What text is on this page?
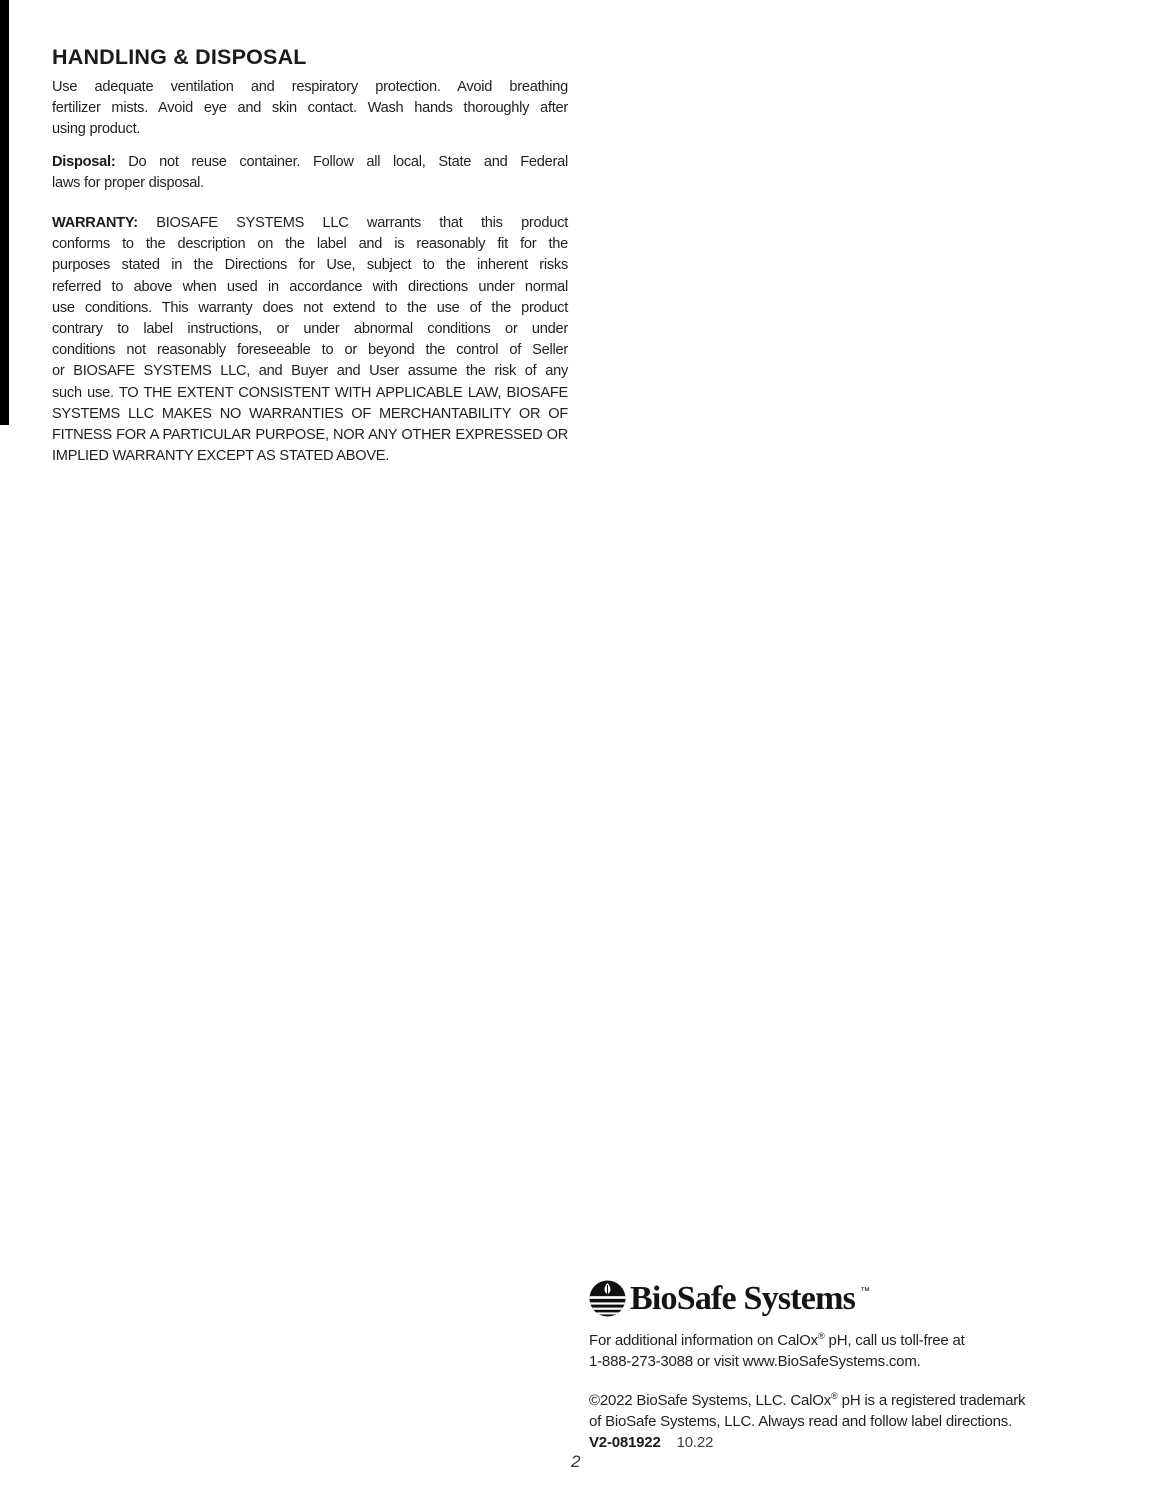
HANDLING & DISPOSAL
Use adequate ventilation and respiratory protection. Avoid breathing
fertilizer mists. Avoid eye and skin contact. Wash hands thoroughly after
using product.
Disposal: Do not reuse container. Follow all local, State and Federal
laws for proper disposal.
WARRANTY: BIOSAFE SYSTEMS LLC warrants that this product
conforms to the description on the label and is reasonably fit for the
purposes stated in the Directions for Use, subject to the inherent risks
referred to above when used in accordance with directions under normal
use conditions. This warranty does not extend to the use of the product
contrary to label instructions, or under abnormal conditions or under
conditions not reasonably foreseeable to or beyond the control of Seller
or BIOSAFE SYSTEMS LLC, and Buyer and User assume the risk of any
such use. TO THE EXTENT CONSISTENT WITH APPLICABLE LAW, BIOSAFE
SYSTEMS LLC MAKES NO WARRANTIES OF MERCHANTABILITY OR OF
FITNESS FOR A PARTICULAR PURPOSE, NOR ANY OTHER EXPRESSED OR
IMPLIED WARRANTY EXCEPT AS STATED ABOVE.
BioSafe Systems ™

For additional information on CalOx® pH, call us toll-free at
1-888-273-3088 or visit www.BioSafeSystems.com.

©2022 BioSafe Systems, LLC. CalOx® pH is a registered trademark
of BioSafe Systems, LLC. Always read and follow label directions.

V2-081922 10.22

2
